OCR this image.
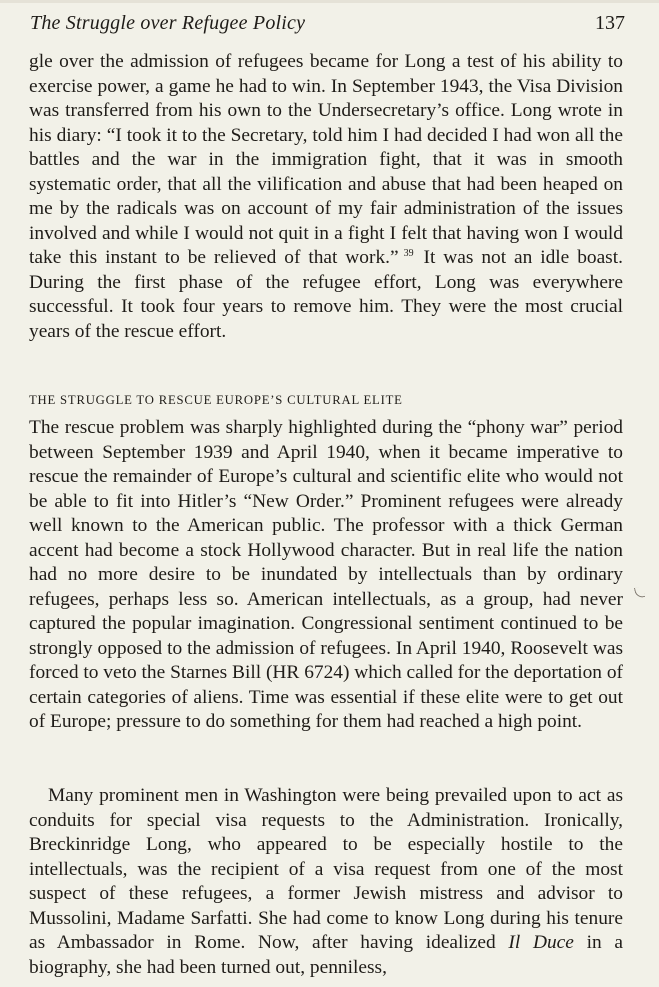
The Struggle over Refugee Policy	137
gle over the admission of refugees became for Long a test of his ability to exercise power, a game he had to win. In September 1943, the Visa Division was transferred from his own to the Undersecretary’s office. Long wrote in his diary: “I took it to the Secretary, told him I had decided I had won all the battles and the war in the immigration fight, that it was in smooth systematic order, that all the vilification and abuse that had been heaped on me by the radicals was on account of my fair administration of the issues involved and while I would not quit in a fight I felt that having won I would take this instant to be relieved of that work.” $^{39}$ It was not an idle boast. During the first phase of the refugee effort, Long was everywhere successful. It took four years to remove him. They were the most crucial years of the rescue effort.
THE STRUGGLE TO RESCUE EUROPE’S CULTURAL ELITE
The rescue problem was sharply highlighted during the “phony war” period between September 1939 and April 1940, when it became imperative to rescue the remainder of Europe’s cultural and scientific elite who would not be able to fit into Hitler’s “New Order.” Prominent refugees were already well known to the American public. The professor with a thick German accent had become a stock Hollywood character. But in real life the nation had no more desire to be inundated by intellectuals than by ordinary refugees, perhaps less so. American intellectuals, as a group, had never captured the popular imagination. Congressional sentiment continued to be strongly opposed to the admission of refugees. In April 1940, Roosevelt was forced to veto the Starnes Bill (HR 6724) which called for the deportation of certain categories of aliens. Time was essential if these elite were to get out of Europe; pressure to do something for them had reached a high point.
Many prominent men in Washington were being prevailed upon to act as conduits for special visa requests to the Administration. Ironically, Breckinridge Long, who appeared to be especially hostile to the intellectuals, was the recipient of a visa request from one of the most suspect of these refugees, a former Jewish mistress and advisor to Mussolini, Madame Sarfatti. She had come to know Long during his tenure as Ambassador in Rome. Now, after having idealized Il Duce in a biography, she had been turned out, penniless,
